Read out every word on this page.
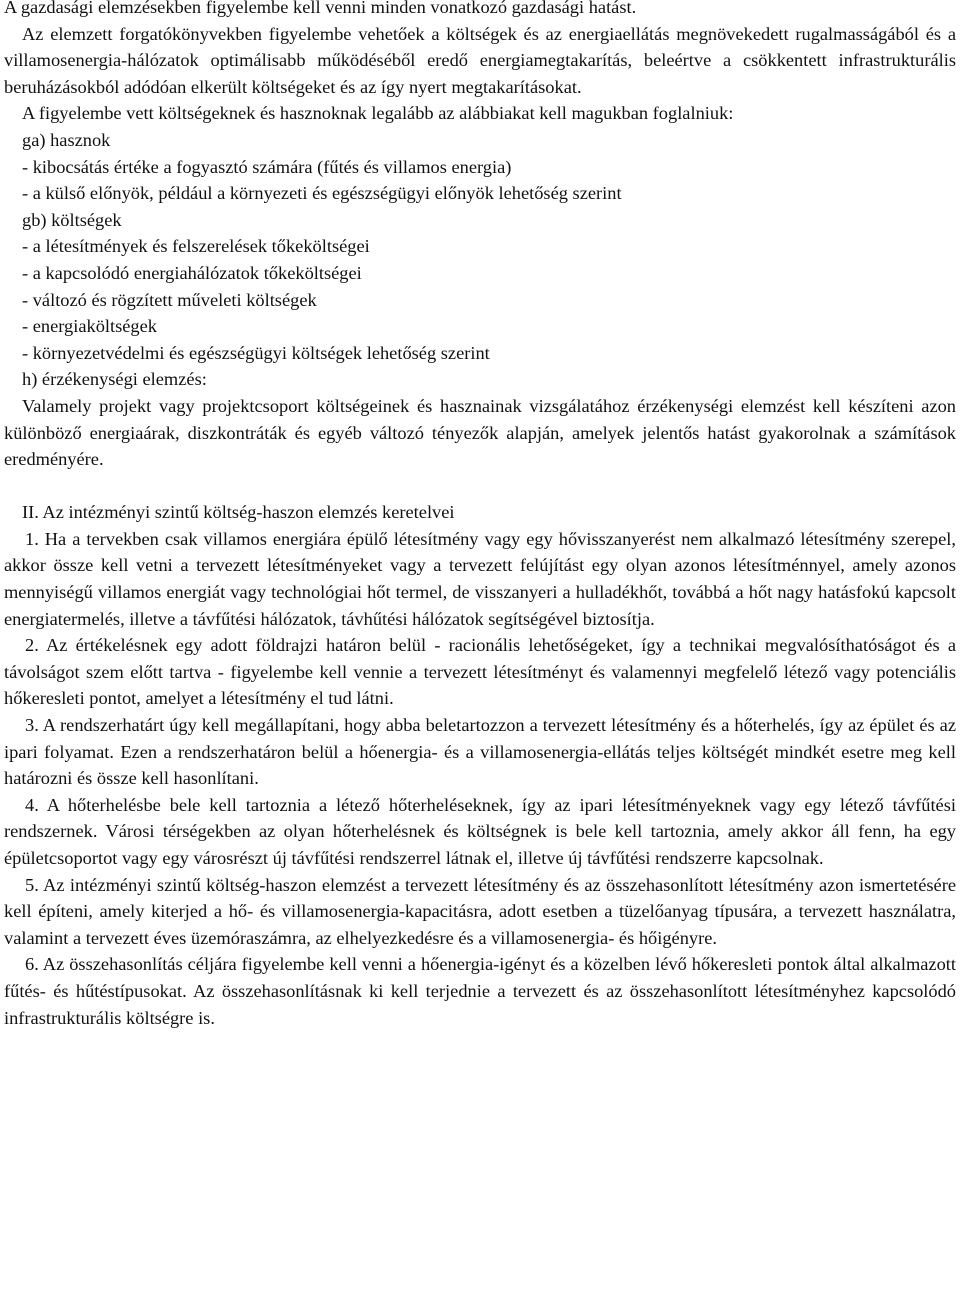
A gazdasági elemzésekben figyelembe kell venni minden vonatkozó gazdasági hatást.

Az elemzett forgatókönyvekben figyelembe vehetőek a költségek és az energiaellátás megnövekedett rugalmasságából és a villamosenergia-hálózatok optimálisabb működéséből eredő energiamegtakarítás, beleértve a csökkentett infrastrukturális beruházásokból adódóan elkerült költségeket és az így nyert megtakarításokat.

A figyelembe vett költségeknek és hasznoknak legalább az alábbiakat kell magukban foglalniuk:

ga) hasznok

- kibocsátás értéke a fogyasztó számára (fűtés és villamos energia)

- a külső előnyök, például a környezeti és egészségügyi előnyök lehetőség szerint

gb) költségek

- a létesítmények és felszerelések tőkeköltségei

- a kapcsolódó energiahálózatok tőkeköltségei

- változó és rögzített műveleti költségek

- energiaköltségek

- környezetvédelmi és egészségügyi költségek lehetőség szerint

h) érzékenységi elemzés:

Valamely projekt vagy projektcsoport költségeinek és hasznainak vizsgálatához érzékenységi elemzést kell készíteni azon különböző energiaárak, diszkontráták és egyéb változó tényezők alapján, amelyek jelentős hatást gyakorolnak a számítások eredményére.

II. Az intézményi szintű költség-haszon elemzés keretelvei

1. Ha a tervekben csak villamos energiára épülő létesítmény vagy egy hővisszanyerést nem alkalmazó létesítmény szerepel, akkor össze kell vetni a tervezett létesítményeket vagy a tervezett felújítást egy olyan azonos létesítménnyel, amely azonos mennyiségű villamos energiát vagy technológiai hőt termel, de visszanyeri a hulladékhőt, továbbá a hőt nagy hatásfokú kapcsolt energiatermelés, illetve a távfűtési hálózatok, távhűtési hálózatok segítségével biztosítja.

2. Az értékelésnek egy adott földrajzi határon belül - racionális lehetőségeket, így a technikai megvalósíthatóságot és a távolságot szem előtt tartva - figyelembe kell vennie a tervezett létesítményt és valamennyi megfelelő létező vagy potenciális hőkeresleti pontot, amelyet a létesítmény el tud látni.

3. A rendszerhatárt úgy kell megállapítani, hogy abba beletartozzon a tervezett létesítmény és a hőterhelés, így az épület és az ipari folyamat. Ezen a rendszerhatáron belül a hőenergia- és a villamosenergia-ellátás teljes költségét mindkét esetre meg kell határozni és össze kell hasonlítani.

4. A hőterhelésbe bele kell tartoznia a létező hőterheléseknek, így az ipari létesítményeknek vagy egy létező távfűtési rendszernek. Városi térségekben az olyan hőterhelésnek és költségnek is bele kell tartoznia, amely akkor áll fenn, ha egy épületcsoportot vagy egy városrészt új távfűtési rendszerrel látnak el, illetve új távfűtési rendszerre kapcsolnak.

5. Az intézményi szintű költség-haszon elemzést a tervezett létesítmény és az összehasonlított létesítmény azon ismertetésére kell építeni, amely kiterjed a hő- és villamosenergia-kapacitásra, adott esetben a tüzelőanyag típusára, a tervezett használatra, valamint a tervezett éves üzemóraszámra, az elhelyezkedésre és a villamosenergia- és hőigényre.

6. Az összehasonlítás céljára figyelembe kell venni a hőenergia-igényt és a közelben lévő hőkeresleti pontok által alkalmazott fűtés- és hűtéstípusokat. Az összehasonlításnak ki kell terjednie a tervezett és az összehasonlított létesítményhez kapcsolódó infrastrukturális költségre is.
